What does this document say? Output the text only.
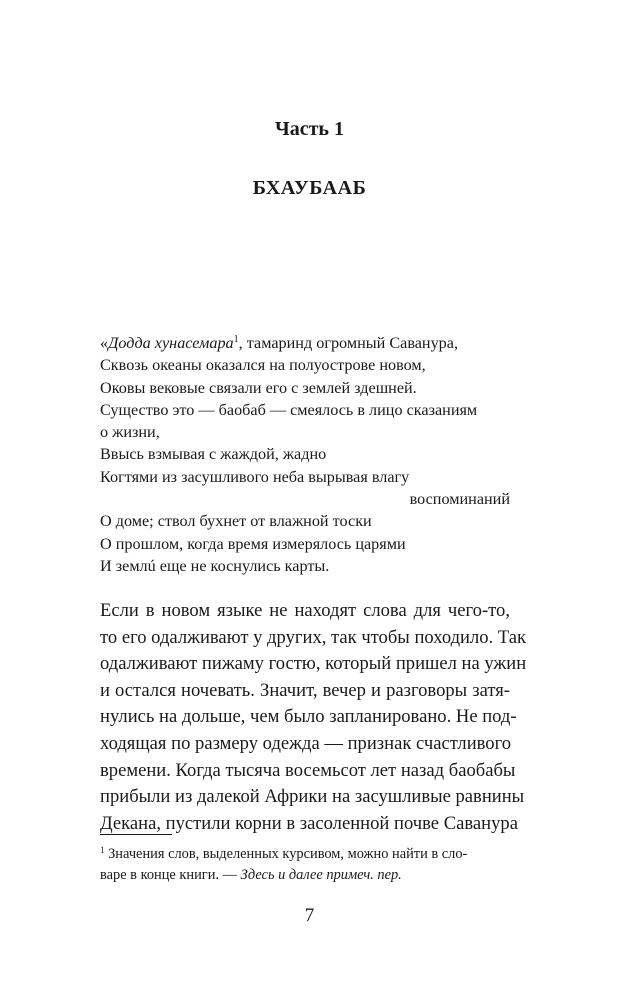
Часть 1
БХАУБААБ
«Додда хунасемара$^1$, тамаринд огромный Саванура,
Сквозь океаны оказался на полуострове новом,
Оковы вековые связали его с землей здешней.
Существо это — баобаб — смеялось в лицо сказаниям
о жизни,
Ввысь взмывая с жаждой, жадно
Когтями из засушливого неба вырывая влагу
воспоминаний
О доме; ствол бухнет от влажной тоски
О прошлом, когда время измерялось царями
И землú еще не коснулись карты.
Если в новом языке не находят слова для чего-то,
то его одалживают у других, так чтобы походило. Так
одалживают пижаму гостю, который пришел на ужин
и остался ночевать. Значит, вечер и разговоры затя-
нулись на дольше, чем было запланировано. Не под-
ходящая по размеру одежда — признак счастливого
времени. Когда тысяча восемьсот лет назад баобабы
прибыли из далекой Африки на засушливые равнины
Декана, пустили корни в засоленной почве Саванура
$^1$ Значения слов, выделенных курсивом, можно найти в сло-
варе в конце книги. — Здесь и далее примеч. пер.
7
